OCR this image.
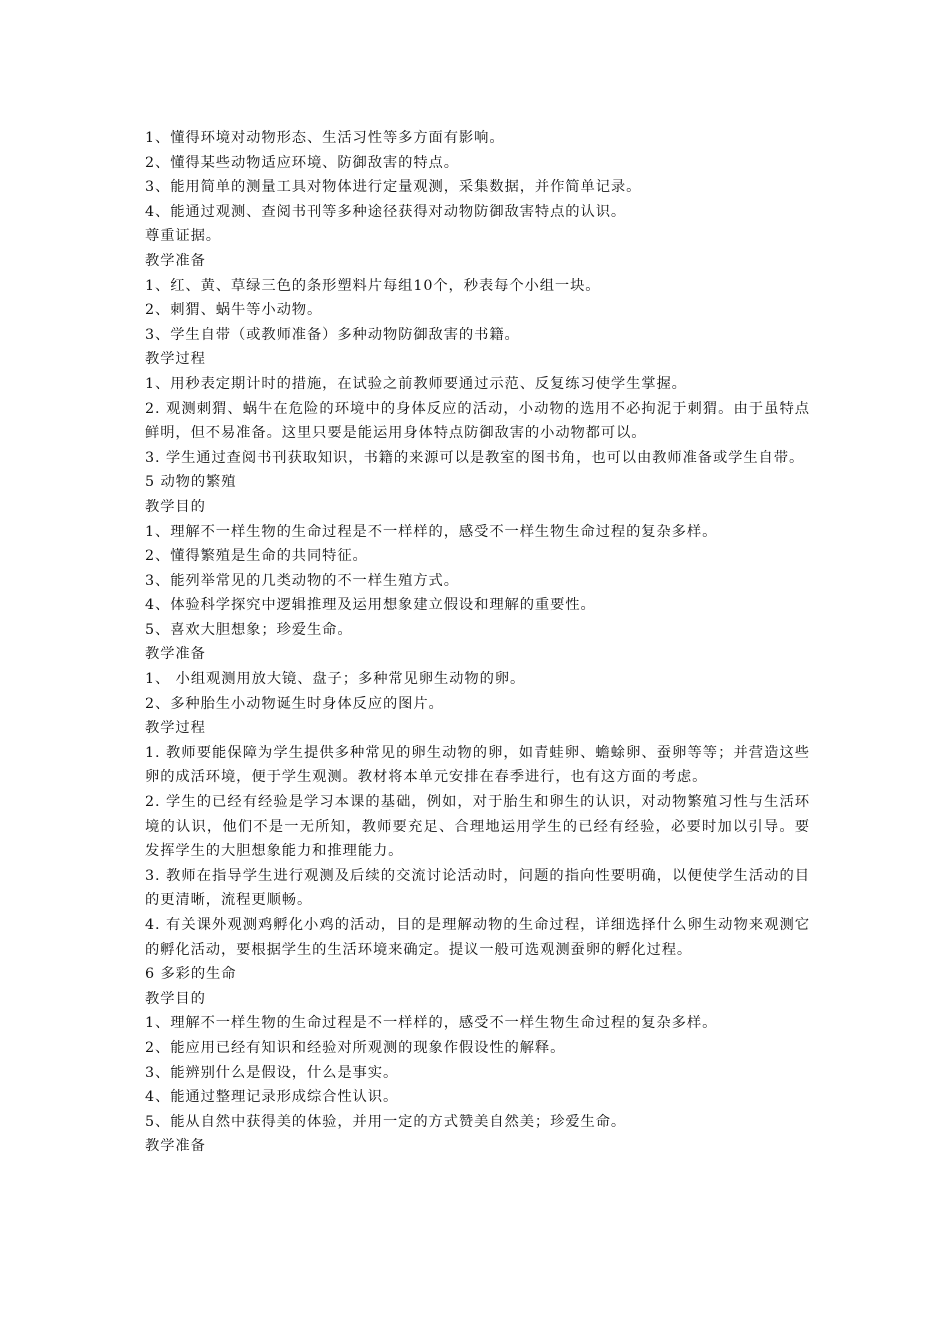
1、懂得环境对动物形态、生活习性等多方面有影响。

2、懂得某些动物适应环境、防御敌害的特点。

3、能用简单的测量工具对物体进行定量观测，采集数据，并作简单记录。

4、能通过观测、查阅书刊等多种途径获得对动物防御敌害特点的认识。

尊重证据。

教学准备

1、红、黄、草绿三色的条形塑料片每组10个，秒表每个小组一块。

2、刺猬、蜗牛等小动物。

3、学生自带（或教师准备）多种动物防御敌害的书籍。

教学过程

1、用秒表定期计时的措施，在试验之前教师要通过示范、反复练习使学生掌握。

2. 观测刺猬、蜗牛在危险的环境中的身体反应的活动，小动物的选用不必拘泥于刺猬。由于虽特点鲜明，但不易准备。这里只要是能运用身体特点防御敌害的小动物都可以。

3. 学生通过查阅书刊获取知识，书籍的来源可以是教室的图书角，也可以由教师准备或学生自带。

5 动物的繁殖

教学目的

1、理解不一样生物的生命过程是不一样样的，感受不一样生物生命过程的复杂多样。

2、懂得繁殖是生命的共同特征。

3、能列举常见的几类动物的不一样生殖方式。

4、体验科学探究中逻辑推理及运用想象建立假设和理解的重要性。

5、喜欢大胆想象；珍爱生命。

教学准备

1、 小组观测用放大镜、盘子；多种常见卵生动物的卵。

2、多种胎生小动物诞生时身体反应的图片。

教学过程

1. 教师要能保障为学生提供多种常见的卵生动物的卵，如青蛙卵、蟾蜍卵、蚕卵等等；并营造这些卵的成活环境，便于学生观测。教材将本单元安排在春季进行，也有这方面的考虑。

2. 学生的已经有经验是学习本课的基础，例如，对于胎生和卵生的认识，对动物繁殖习性与生活环境的认识，他们不是一无所知，教师要充足、合理地运用学生的已经有经验，必要时加以引导。要发挥学生的大胆想象能力和推理能力。

3. 教师在指导学生进行观测及后续的交流讨论活动时，问题的指向性要明确，以便使学生活动的目的更清晰，流程更顺畅。

4. 有关课外观测鸡孵化小鸡的活动，目的是理解动物的生命过程，详细选择什么卵生动物来观测它的孵化活动，要根据学生的生活环境来确定。提议一般可选观测蚕卵的孵化过程。

6 多彩的生命

教学目的

1、理解不一样生物的生命过程是不一样样的，感受不一样生物生命过程的复杂多样。

2、能应用已经有知识和经验对所观测的现象作假设性的解释。

3、能辨别什么是假设，什么是事实。

4、能通过整理记录形成综合性认识。

5、能从自然中获得美的体验，并用一定的方式赞美自然美；珍爱生命。

教学准备
